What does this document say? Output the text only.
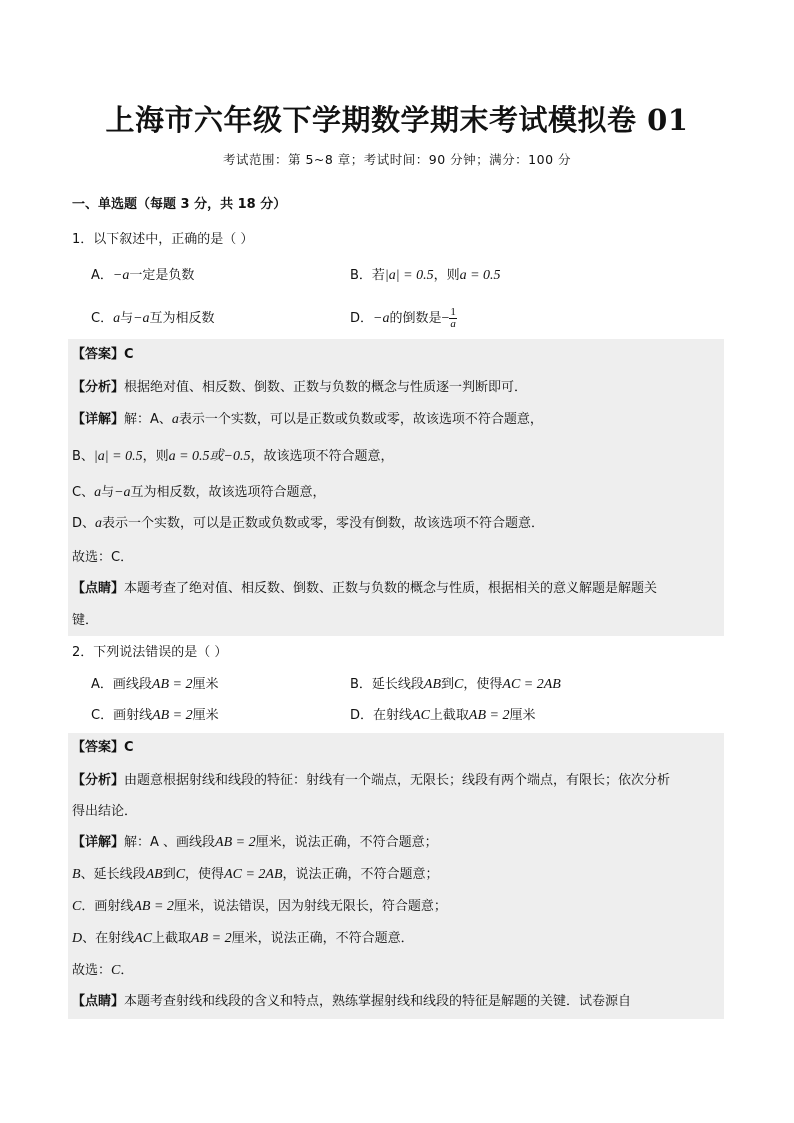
上海市六年级下学期数学期末考试模拟卷 01
考试范围：第 5~8 章；考试时间：90 分钟；满分：100 分
一、单选题（每题 3 分，共 18 分）
1．以下叙述中，正确的是（ ）
A．−a一定是负数	B．若|a| = 0.5，则a = 0.5
C．a与−a互为相反数	D．−a的倒数是− $\frac{1}{a}$
【答案】C
【分析】根据绝对值、相反数、倒数、正数与负数的概念与性质逐一判断即可．
【详解】解：A、a表示一个实数，可以是正数或负数或零，故该选项不符合题意，
B、|a| = 0.5，则a = 0.5或−0.5，故该选项不符合题意，
C、a与−a互为相反数，故该选项符合题意，
D、a表示一个实数，可以是正数或负数或零，零没有倒数，故该选项不符合题意．
故选：C．
【点睛】本题考查了绝对值、相反数、倒数、正数与负数的概念与性质，根据相关的意义解题是解题关
键．
2．下列说法错误的是（ ）
A．画线段AB = 2厘米	B．延长线段AB到C，使得AC = 2AB
C．画射线AB = 2厘米	D．在射线AC上截取AB = 2厘米
【答案】C
【分析】由题意根据射线和线段的特征：射线有一个端点，无限长；线段有两个端点，有限长；依次分析
得出结论．
【详解】解：A 、画线段AB = 2厘米，说法正确，不符合题意；
B、延长线段AB到C，使得AC = 2AB，说法正确，不符合题意；
C．画射线AB = 2厘米，说法错误，因为射线无限长，符合题意；
D、在射线AC上截取AB = 2厘米，说法正确，不符合题意．
故选：C．
【点睛】本题考查射线和线段的含义和特点，熟练掌握射线和线段的特征是解题的关键．试卷源自
